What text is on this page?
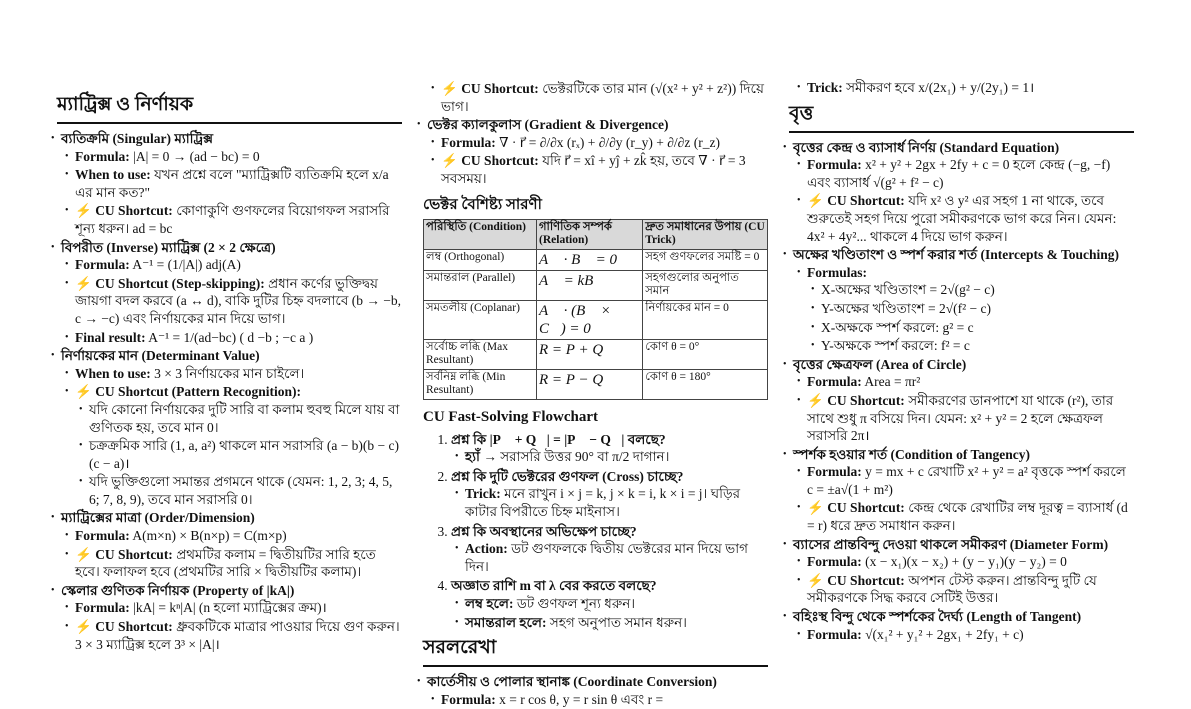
ম্যাট্রিক্স ও নির্ণায়ক
• ব্যতিক্রমি (Singular) ম্যাট্রিক্স
• Formula: |A| = 0 → (ad − bc) = 0
• When to use: যখন প্রশ্নে বলে "ম্যাট্রিক্সটি ব্যতিক্রমি হলে x/a এর মান কত?"
• ⚡ CU Shortcut: কোণাকুণি গুণফলের বিয়োগফল সরাসরি শূন্য ধরুন। ad = bc
• বিপরীত (Inverse) ম্যাট্রিক্স (2 × 2 ক্ষেত্রে)
• Formula: A⁻¹ = (1/|A|) adj(A)
• ⚡ CU Shortcut (Step-skipping): প্রধান কর্ণের ভুক্তিদ্বয় জায়গা বদল করবে (a ↔ d), বাকি দুটির চিহ্ন বদলাবে (b → −b, c → −c) এবং নির্ণায়কের মান দিয়ে ভাগ।
• Final result: A⁻¹ = 1/(ad−bc) ( d −b ; −c a )
• নির্ণায়কের মান (Determinant Value)
• When to use: 3 × 3 নির্ণায়কের মান চাইলে।
• ⚡ CU Shortcut (Pattern Recognition):
• যদি কোনো নির্ণায়কের দুটি সারি বা কলাম হুবহু মিলে যায় বা গুণিতক হয়, তবে মান 0।
• চক্রক্রমিক সারি (1, a, a²) থাকলে মান সরাসরি (a − b)(b − c)(c − a)।
• যদি ভুক্তিগুলো সমান্তর প্রগমনে থাকে (যেমন: 1, 2, 3; 4, 5, 6; 7, 8, 9), তবে মান সরাসরি 0।
• ম্যাট্রিক্সের মাত্রা (Order/Dimension)
• Formula: A(m×n) × B(n×p) = C(m×p)
• ⚡ CU Shortcut: প্রথমটির কলাম = দ্বিতীয়টির সারি হতে হবে। ফলাফল হবে (প্রথমটির সারি × দ্বিতীয়টির কলাম)।
• স্কেলার গুণিতক নির্ণায়ক (Property of |kA|)
• Formula: |kA| = kⁿ|A| (n হলো ম্যাট্রিক্সের ক্রম)।
• ⚡ CU Shortcut: ধ্রুবকটিকে মাত্রার পাওয়ার দিয়ে গুণ করুন। 3 × 3 ম্যাট্রিক্স হলে 3³ × |A|।
• ⚡ CU Shortcut: ভেক্টরটিকে তার মান (√(x² + y² + z²)) দিয়ে ভাগ।
• ভেক্টর ক্যালকুলাস (Gradient & Divergence)
• Formula: ∇ · r⃗ = ∂/∂x (rₓ) + ∂/∂y (r_y) + ∂/∂z (r_z)
• ⚡ CU Shortcut: যদি r⃗ = xî + yĵ + zk̂ হয়, তবে ∇ · r⃗ = 3 সবসময়।
ভেক্টর বৈশিষ্ট্য সারণী
পরিস্থিতি (Condition)	গাণিতিক সম্পর্ক (Relation)	দ্রুত সমাধানের উপায় (CU Trick)
লম্ব (Orthogonal)	A⃗ · B⃗ = 0	সহগ গুণফলের সমষ্টি = 0
সমান্তরাল (Parallel)	A⃗ = kB⃗	সহগগুলোর অনুপাত সমান
সমতলীয় (Coplanar)	A⃗ · (B⃗ × C⃗) = 0	নির্ণায়কের মান = 0
সর্বোচ্চ লব্ধি (Max Resultant)	R = P + Q	কোণ θ = 0°
সর্বনিম্ন লব্ধি (Min Resultant)	R = P − Q	কোণ θ = 180°
CU Fast-Solving Flowchart
1. প্রশ্ন কি |P⃗ + Q⃗| = |P⃗ − Q⃗| বলছে?
• হ্যাঁ → সরাসরি উত্তর 90° বা π/2 দাগান।
2. প্রশ্ন কি দুটি ভেক্টরের গুণফল (Cross) চাচ্ছে?
• Trick: মনে রাখুন i × j = k, j × k = i, k × i = j। ঘড়ির কাটার বিপরীতে চিহ্ন মাইনাস।
3. প্রশ্ন কি অবস্থানের অভিক্ষেপ চাচ্ছে?
• Action: ডট গুণফলকে দ্বিতীয় ভেক্টরের মান দিয়ে ভাগ দিন।
4. অজ্ঞাত রাশি m বা λ বের করতে বলছে?
• লম্ব হলে: ডট গুণফল শূন্য ধরুন।
• সমান্তরাল হলে: সহগ অনুপাত সমান ধরুন।
সরলরেখা
• কার্তেসীয় ও পোলার স্থানাঙ্ক (Coordinate Conversion)
• Formula: x = r cos θ, y = r sin θ এবং r =
• Trick: সমীকরণ হবে x/(2x₁) + y/(2y₁) = 1।
বৃত্ত
• বৃত্তের কেন্দ্র ও ব্যাসার্ধ নির্ণয় (Standard Equation)
• Formula: x² + y² + 2gx + 2fy + c = 0 হলে কেন্দ্র (−g, −f) এবং ব্যাসার্ধ √(g² + f² − c)
• ⚡ CU Shortcut: যদি x² ও y² এর সহগ 1 না থাকে, তবে শুরুতেই সহগ দিয়ে পুরো সমীকরণকে ভাগ করে নিন। যেমন: 4x² + 4y²... থাকলে 4 দিয়ে ভাগ করুন।
• অক্ষের খণ্ডিতাংশ ও স্পর্শ করার শর্ত (Intercepts & Touching)
• Formulas:
• X-অক্ষের খণ্ডিতাংশ = 2√(g² − c)
• Y-অক্ষের খণ্ডিতাংশ = 2√(f² − c)
• X-অক্ষকে স্পর্শ করলে: g² = c
• Y-অক্ষকে স্পর্শ করলে: f² = c
• বৃত্তের ক্ষেত্রফল (Area of Circle)
• Formula: Area = πr²
• ⚡ CU Shortcut: সমীকরণের ডানপাশে যা থাকে (r²), তার সাথে শুধু π বসিয়ে দিন। যেমন: x² + y² = 2 হলে ক্ষেত্রফল সরাসরি 2π।
• স্পর্শক হওয়ার শর্ত (Condition of Tangency)
• Formula: y = mx + c রেখাটি x² + y² = a² বৃত্তকে স্পর্শ করলে c = ±a√(1 + m²)
• ⚡ CU Shortcut: কেন্দ্র থেকে রেখাটির লম্ব দূরত্ব = ব্যাসার্ধ (d = r) ধরে দ্রুত সমাধান করুন।
• ব্যাসের প্রান্তবিন্দু দেওয়া থাকলে সমীকরণ (Diameter Form)
• Formula: (x − x₁)(x − x₂) + (y − y₁)(y − y₂) = 0
• ⚡ CU Shortcut: অপশন টেস্ট করুন। প্রান্তবিন্দু দুটি যে সমীকরণকে সিদ্ধ করবে সেটিই উত্তর।
• বহিঃস্থ বিন্দু থেকে স্পর্শকের দৈর্ঘ্য (Length of Tangent)
• Formula: √(x₁² + y₁² + 2gx₁ + 2fy₁ + c)
